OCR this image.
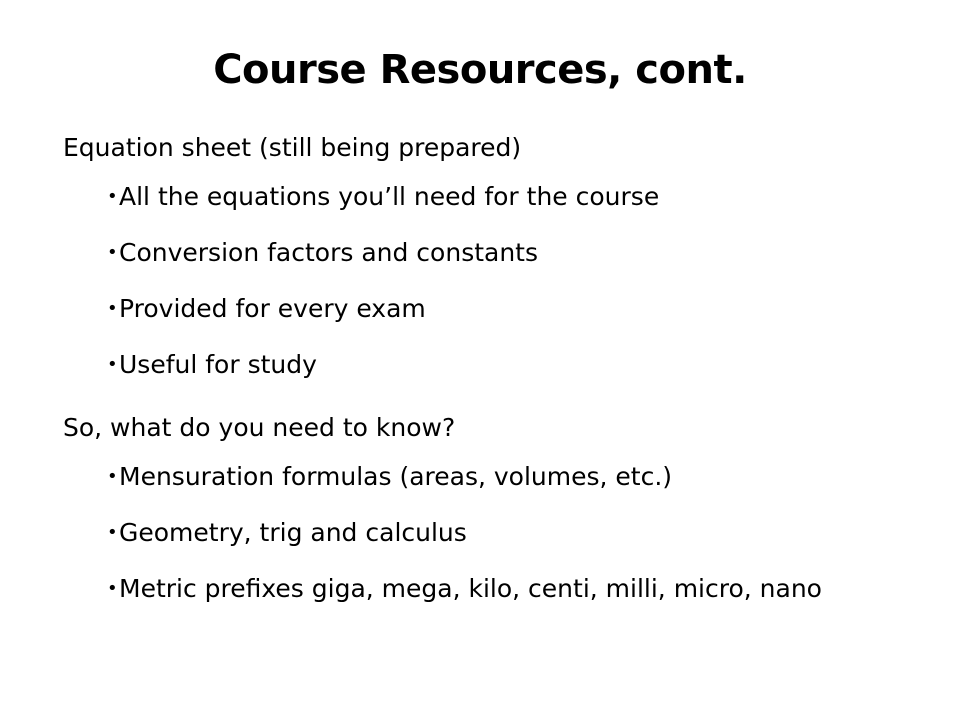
Course Resources, cont.
Equation sheet (still being prepared)
• All the equations you’ll need for the course
• Conversion factors and constants
• Provided for every exam
• Useful for study
So, what do you need to know?
• Mensuration formulas (areas, volumes, etc.)
• Geometry, trig and calculus
• Metric prefixes giga, mega, kilo, centi, milli, micro, nano
